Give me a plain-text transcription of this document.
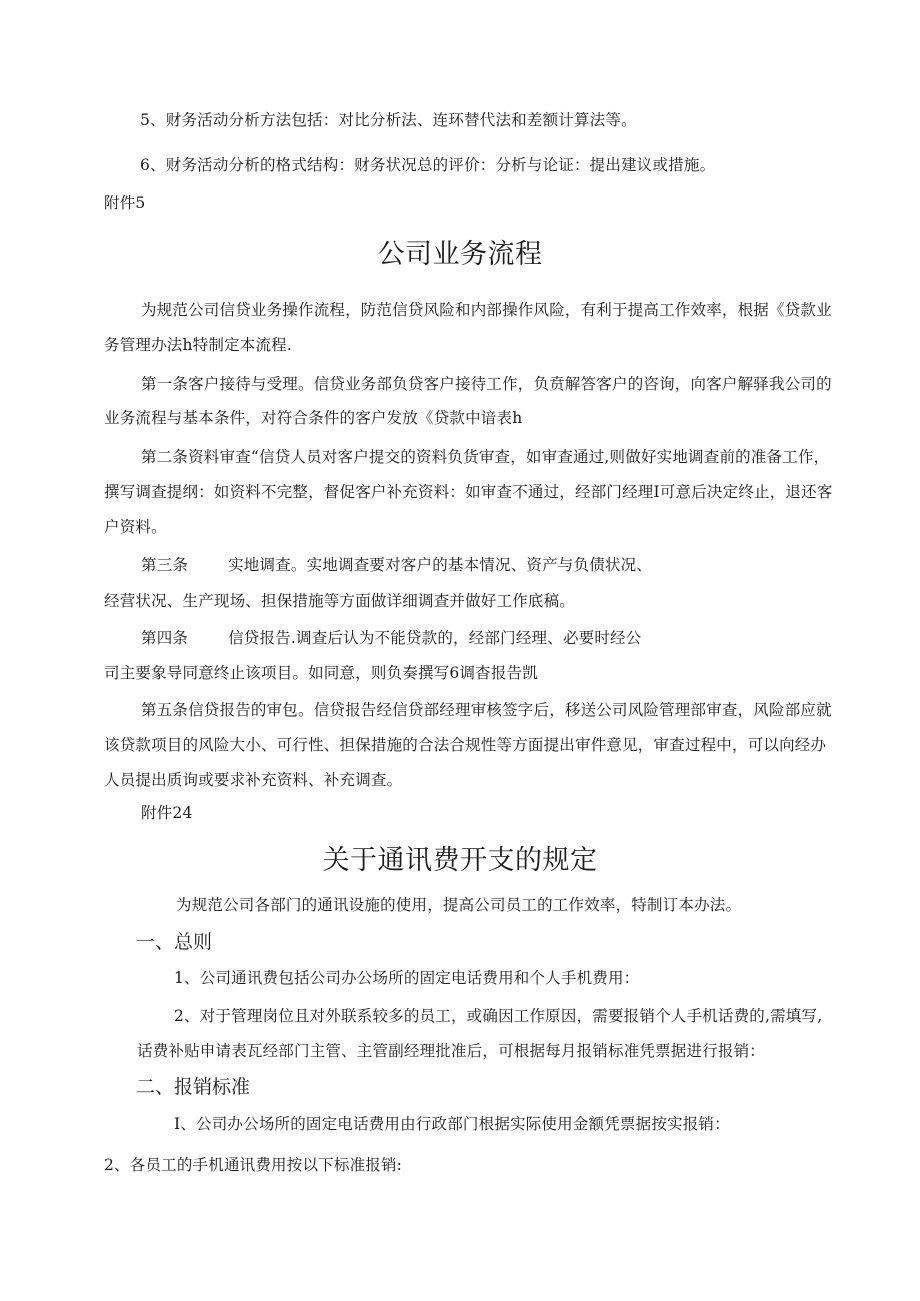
5、财务活动分析方法包括：对比分析法、连环替代法和差额计算法等。

6、财务活动分析的格式结构：财务状况总的评价：分析与论证：提出建议或措施。

附件5

公司业务流程

为规范公司信贷业务操作流程，防范信贷风险和内部操作风险，有利于提高工作效率，根据《贷款业

务管理办法h特制定本流程.

第一条客户接待与受理。信贷业务部负贷客户接待工作，负贲解答客户的咨询，向客户解驿我公司的

业务流程与基本条件，对符合条件的客户发放《贷款中谙表h

第二条资料审查“信贷人员对客户提交的资料负货审查，如审查通过,则做好实地调查前的准备工作，

撰写调查提纲：如资料不完整，督促客户补充资料：如审查不通过，经部门经理I可意后决定终止，退还客

户资料。

第三条	实地调查。实地调查要对客户的基本情况、资产与负债状况、

经营状况、生产现场、担保措施等方面做详细调查并做好工作底稿。

第四条	信贷报告.调查后认为不能贷款的，经部门经理、必要时经公

司主要象导同意终止该项目。如同意，则负奏撰写6调杳报告凯

第五条信贷报告的审包。信贷报告经信贷部经理审核签字后，移送公司风险管理部审查，风险部应就

该贷款项目的风险大小、可行性、担保措施的合法合规性等方面提出审件意见，审查过程中，可以向经办

人员提出质询或要求补充资料、补充调查。

附件24

关于通讯费开支的规定

为规范公司各部门的通讯设施的使用，提高公司员工的工作效率，特制订本办法。

一、总则

1、公司通讯费包括公司办公场所的固定电话费用和个人手机费用：

2、对于管理岗位且对外联系较多的员工，或确因工作原因，需要报销个人手机话费的,需填写,

话费补贴申请表瓦经部门主管、主管副经理批准后，可根据每月报销标准凭票据进行报销：

二、报销标准

I、公司办公场所的固定电话费用由行政部门根据实际使用金额凭票据按实报销：

2、各员工的手机通讯费用按以下标准报销:
